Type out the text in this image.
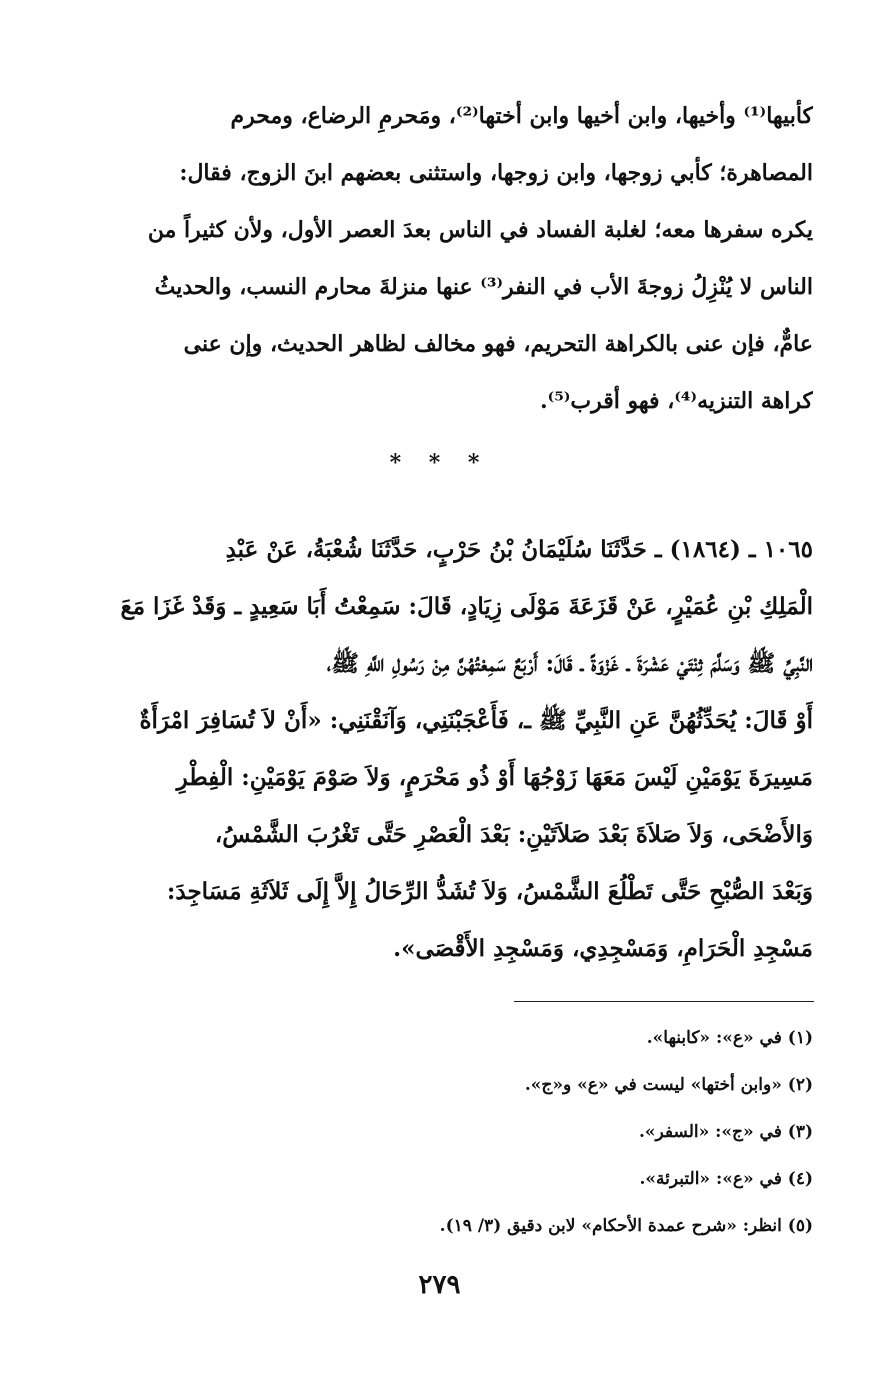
كأبيها⁽¹⁾ وأخيها، وابن أخيها وابن أختها⁽²⁾، ومَحرمِ الرضاع، ومحرم
المصاهرة؛ كأبي زوجها، وابن زوجها، واستثنى بعضهم ابنَ الزوج، فقال:
يكره سفرها معه؛ لغلبة الفساد في الناس بعدَ العصر الأول، ولأن كثيراً من
الناس لا يُنْزِلُ زوجةَ الأب في النفر⁽³⁾ عنها منزلةَ محارم النسب، والحديثُ
عامٌّ، فإن عنى بالكراهة التحريم، فهو مخالف لظاهر الحديث، وإن عنى
كراهة التنزيه⁽⁴⁾، فهو أقرب⁽⁵⁾.
* * *
١٠٦٥ ـ (١٨٦٤) ـ حَدَّثَنَا سُلَيْمَانُ بْنُ حَرْبٍ، حَدَّثَنَا شُعْبَةُ، عَنْ عَبْدِ
الْمَلِكِ بْنِ عُمَيْرٍ، عَنْ قَزَعَةَ مَوْلَى زِيَادٍ، قَالَ: سَمِعْتُ أَبَا سَعِيدٍ ـ وَقَدْ غَزَا مَعَ
النَّبِيِّ ﷺ وَسَلَّمَ ثِنْتَيْ عَشْرَةَ ـ غَزْوَةً ـ قَالَ: أَرْبَعٌ سَمِعْتُهُنَّ مِنْ رَسُولِ اللَّهِ ﷺ،
أَوْ قَالَ: يُحَدِّثُهُنَّ عَنِ النَّبِيِّ ﷺ ـ، فَأَعْجَبْنَنِي، وَآنَقْنَنِي: «أَنْ لاَ تُسَافِرَ امْرَأَةٌ
مَسِيرَةَ يَوْمَيْنِ لَيْسَ مَعَهَا زَوْجُهَا أَوْ ذُو مَحْرَمٍ، وَلاَ صَوْمَ يَوْمَيْنِ: الْفِطْرِ
وَالأَضْحَى، وَلاَ صَلاَةَ بَعْدَ صَلاَتَيْنِ: بَعْدَ الْعَصْرِ حَتَّى تَغْرُبَ الشَّمْسُ،
وَبَعْدَ الصُّبْحِ حَتَّى تَطْلُعَ الشَّمْسُ، وَلاَ تُشَدُّ الرِّحَالُ إِلاَّ إِلَى ثَلاَثَةِ مَسَاجِدَ:
مَسْجِدِ الْحَرَامِ، وَمَسْجِدِي، وَمَسْجِدِ الأَقْصَى».
(١) في «ع»: «كابنها».
(٢) «وابن أختها» ليست في «ع» و«ج».
(٣) في «ج»: «السفر».
(٤) في «ع»: «التبرئة».
(٥) انظر: «شرح عمدة الأحكام» لابن دقيق (٣/ ١٩).
٢٧٩
